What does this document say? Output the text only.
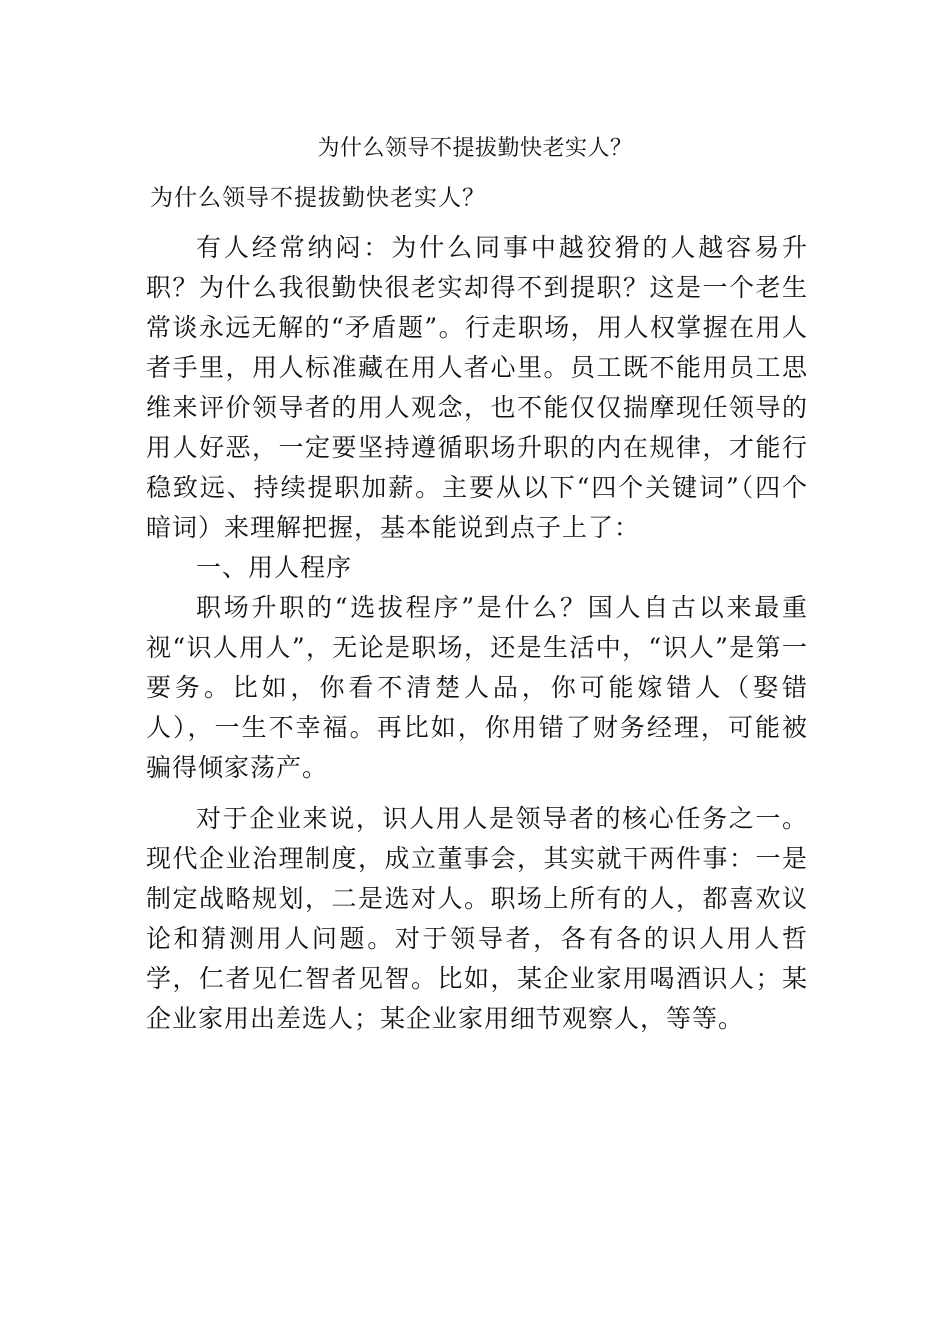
为什么领导不提拔勤快老实人？
为什么领导不提拔勤快老实人？

有人经常纳闷：为什么同事中越狡猾的人越容易升职？为什么我很勤快很老实却得不到提职？这是一个老生常谈永远无解的“矛盾题”。行走职场，用人权掌握在用人者手里，用人标准藏在用人者心里。员工既不能用员工思维来评价领导者的用人观念，也不能仅仅揣摩现任领导的用人好恶，一定要坚持遵循职场升职的内在规律，才能行稳致远、持续提职加薪。主要从以下“四个关键词”（四个暗词）来理解把握，基本能说到点子上了：

一、用人程序

职场升职的“选拔程序”是什么？国人自古以来最重视“识人用人”，无论是职场，还是生活中，“识人”是第一要务。比如，你看不清楚人品，你可能嫁错人（娶错人），一生不幸福。再比如，你用错了财务经理，可能被骗得倾家荡产。

对于企业来说，识人用人是领导者的核心任务之一。现代企业治理制度，成立董事会，其实就干两件事：一是制定战略规划，二是选对人。职场上所有的人，都喜欢议论和猜测用人问题。对于领导者，各有各的识人用人哲学，仁者见仁智者见智。比如，某企业家用喝酒识人；某企业家用出差选人；某企业家用细节观察人，等等。
